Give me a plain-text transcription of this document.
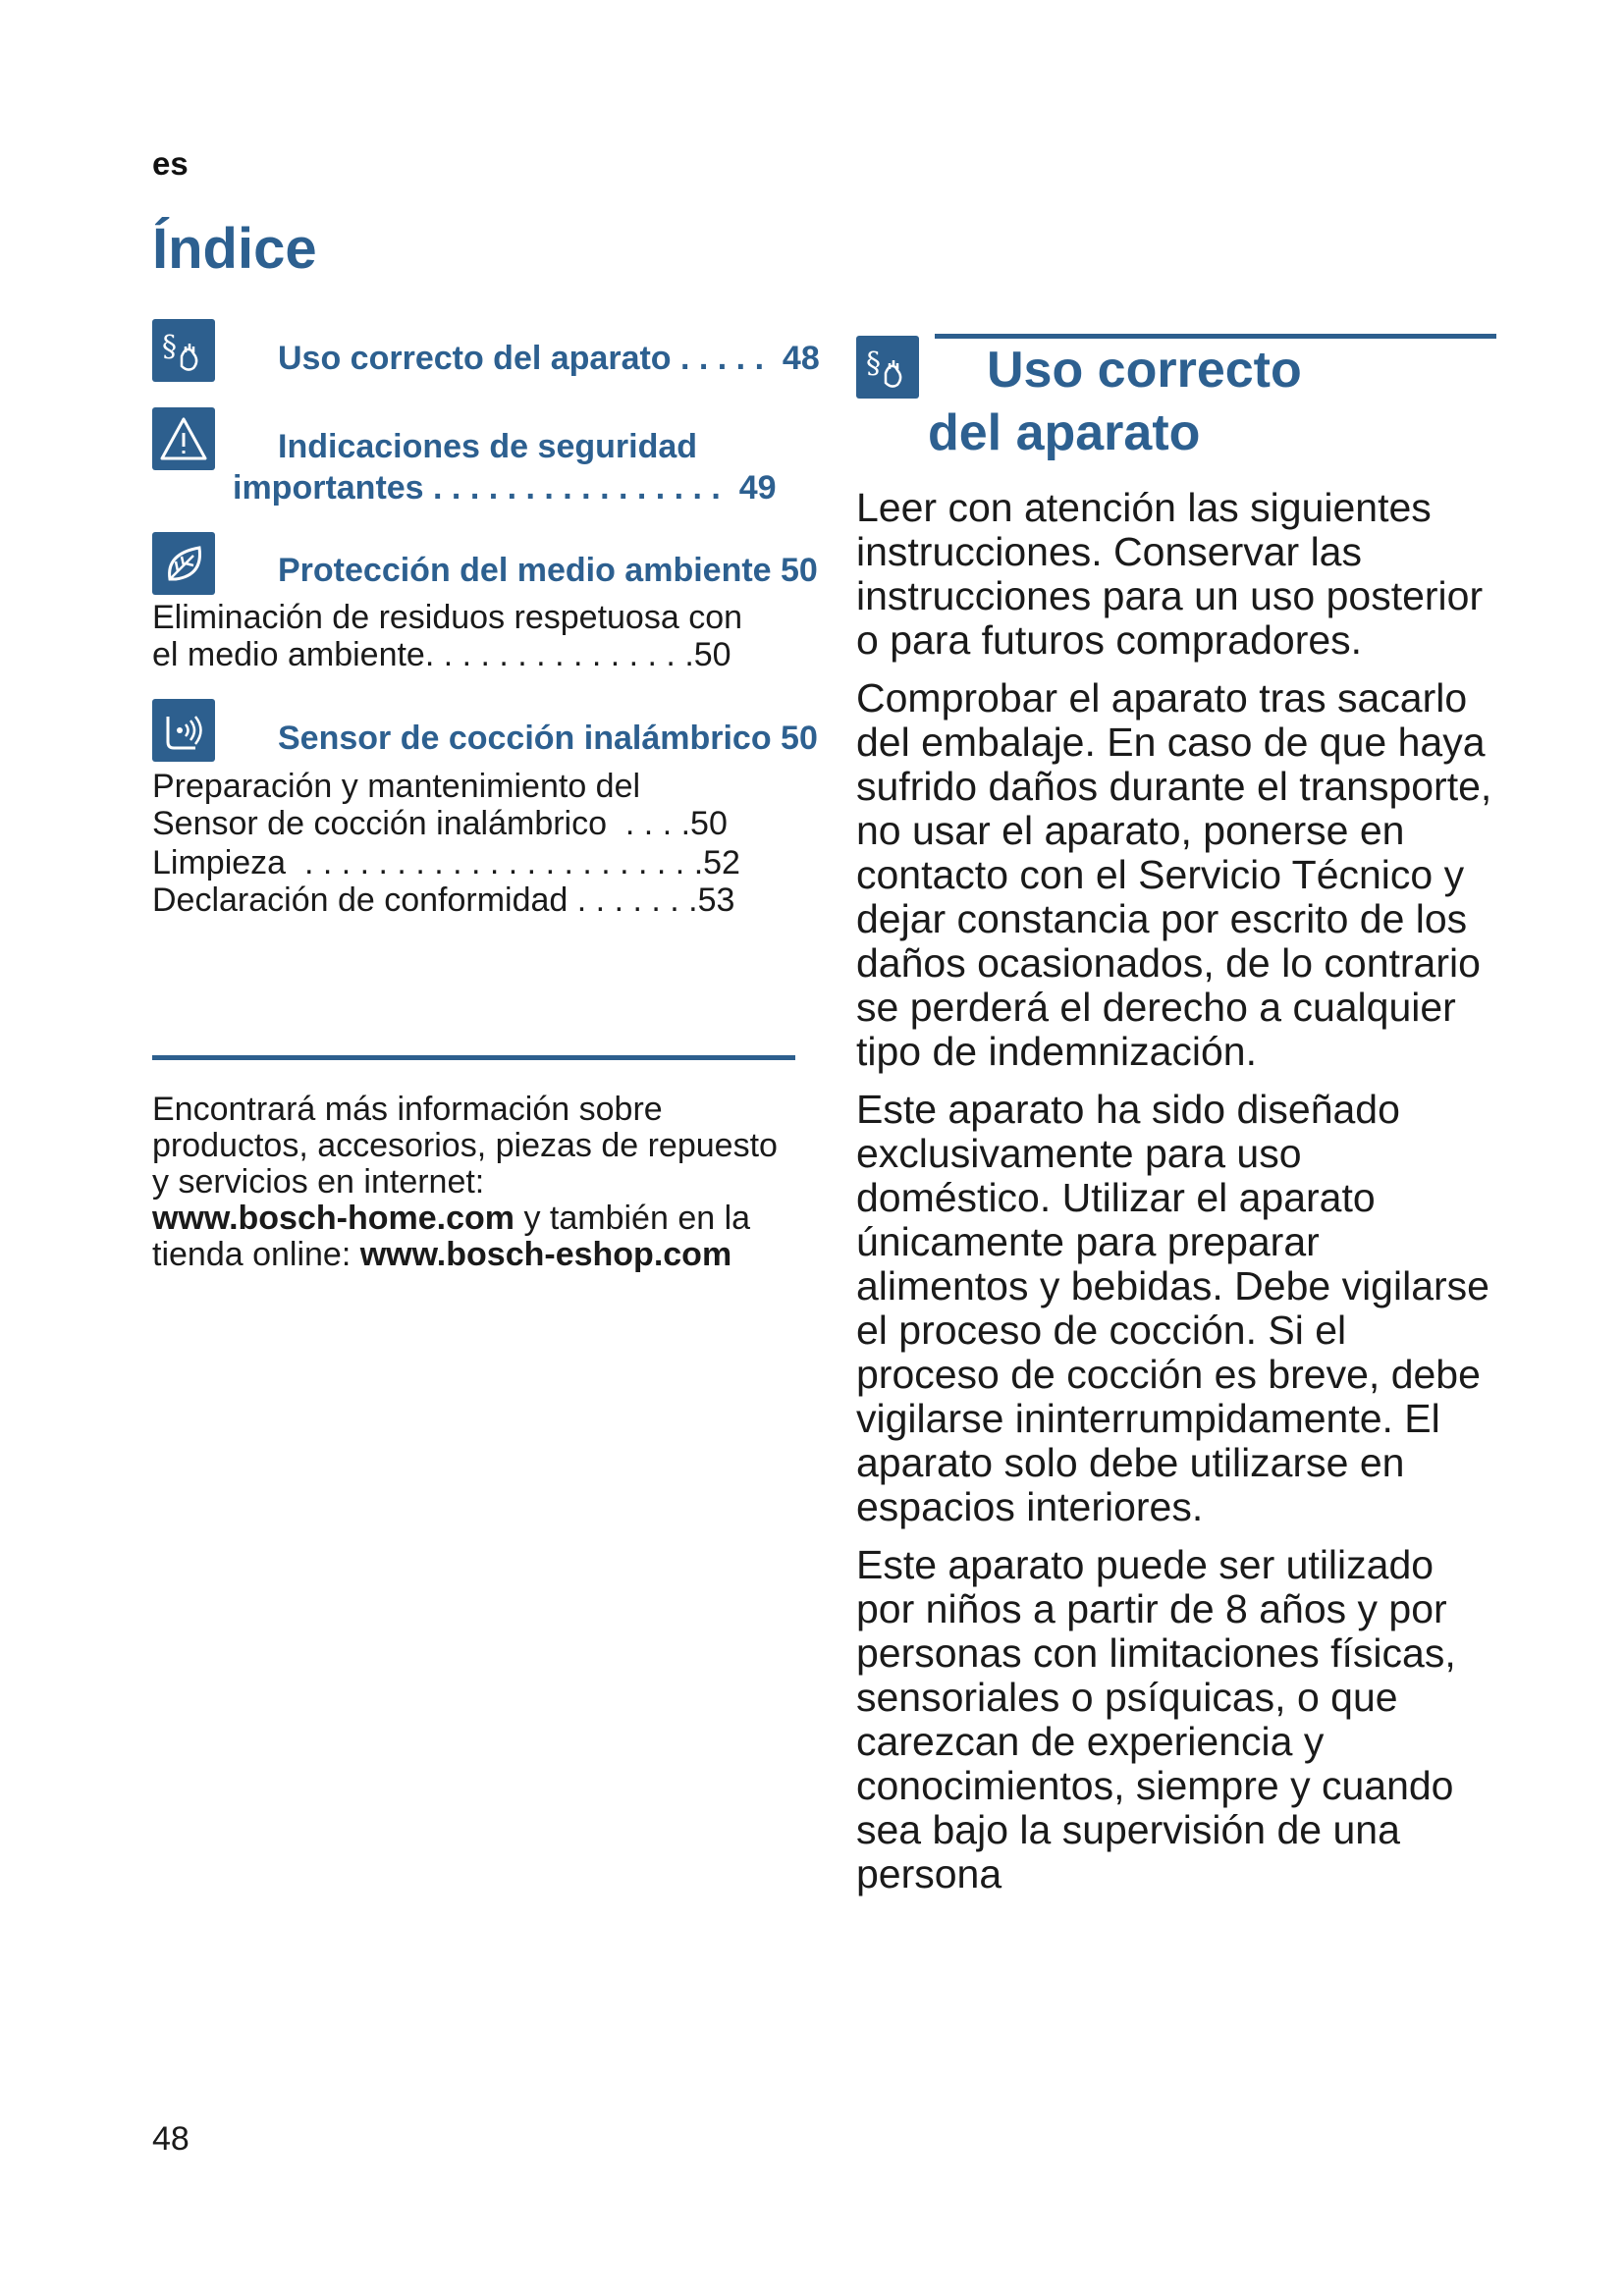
es
Índice
§	Uso correcto del aparato . . . . .  48
Indicaciones de seguridad
importantes . . . . . . . . . . . . . . . .  49
Protección del medio ambiente 50
Eliminación de residuos respetuosa con
el medio ambiente. . . . . . . . . . . . . . .50
Sensor de cocción inalámbrico 50
Preparación y mantenimiento del
Sensor de cocción inalámbrico  . . . .50
Limpieza  . . . . . . . . . . . . . . . . . . . . . .52
Declaración de conformidad . . . . . . .53
Encontrará más información sobre productos, accesorios, piezas de repuesto y servicios en internet:
www.bosch-home.com y también en la tienda online: www.bosch-eshop.com
§	Uso correcto
del aparato

Leer con atención las siguientes instrucciones. Conservar las instrucciones para un uso posterior o para futuros compradores.

Comprobar el aparato tras sacarlo del embalaje. En caso de que haya sufrido daños durante el transporte, no usar el aparato, ponerse en contacto con el Servicio Técnico y dejar constancia por escrito de los daños ocasionados, de lo contrario se perderá el derecho a cualquier tipo de indemnización.

Este aparato ha sido diseñado exclusivamente para uso doméstico. Utilizar el aparato únicamente para preparar alimentos y bebidas. Debe vigilarse el proceso de cocción. Si el proceso de cocción es breve, debe vigilarse ininterrumpidamente. El aparato solo debe utilizarse en espacios interiores.

Este aparato puede ser utilizado por niños a partir de 8 años y por personas con limitaciones físicas, sensoriales o psíquicas, o que carezcan de experiencia y conocimientos, siempre y cuando sea bajo la supervisión de una persona

48
